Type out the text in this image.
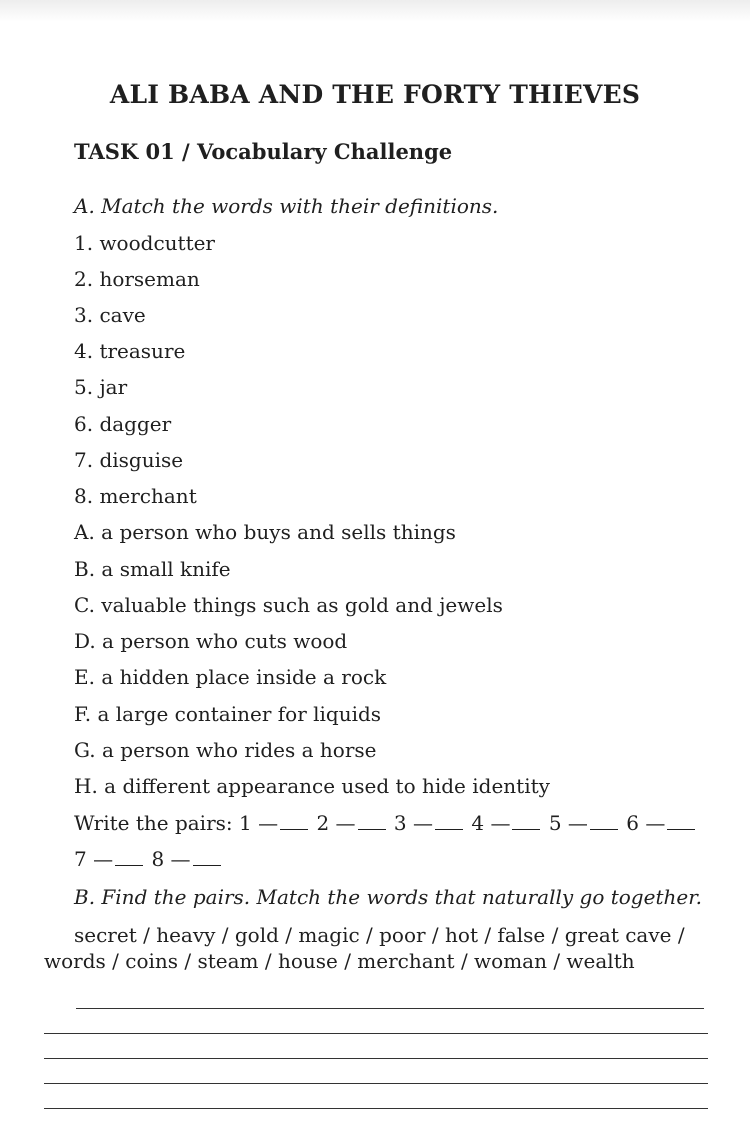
ALI BABA AND THE FORTY THIEVES
TASK 01 / Vocabulary Challenge
A. Match the words with their definitions.
1. woodcutter
2. horseman
3. cave
4. treasure
5. jar
6. dagger
7. disguise
8. merchant
A. a person who buys and sells things
B. a small knife
C. valuable things such as gold and jewels
D. a person who cuts wood
E. a hidden place inside a rock
F. a large container for liquids
G. a person who rides a horse
H. a different appearance used to hide identity
Write the pairs: 1 — 2 — 3 — 4 — 5 — 6 —
7 — 8 —
B. Find the pairs. Match the words that naturally go together.
secret / heavy / gold / magic / poor / hot / false / great cave / words / coins / steam / house / merchant / woman / wealth
